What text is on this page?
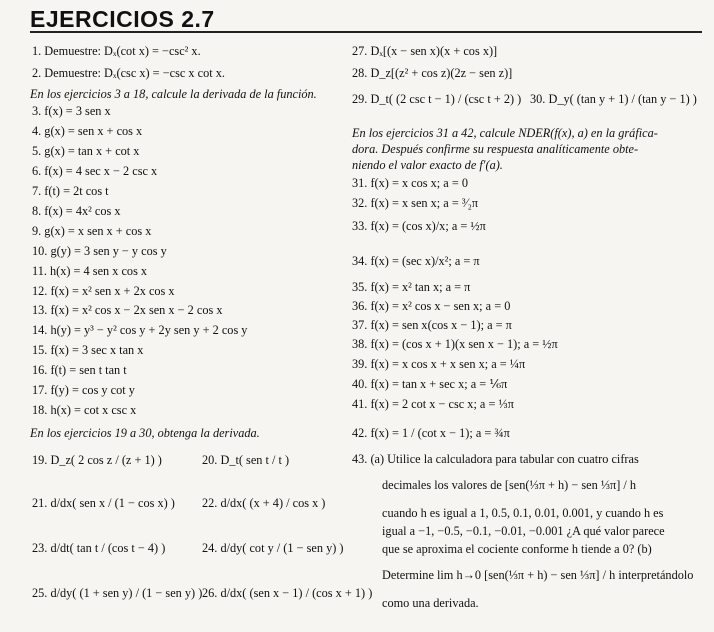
EJERCICIOS 2.7
1. Demuestre: Dₓ(cot x) = −csc² x.
2. Demuestre: Dₓ(csc x) = −csc x cot x.
En los ejercicios 3 a 18, calcule la derivada de la función.
3. f(x) = 3 sen x
4. g(x) = sen x + cos x
5. g(x) = tan x + cot x
6. f(x) = 4 sec x − 2 csc x
7. f(t) = 2t cos t
8. f(x) = 4x² cos x
9. g(x) = x sen x + cos x
10. g(y) = 3 sen y − y cos y
11. h(x) = 4 sen x cos x
12. f(x) = x² sen x + 2x cos x
13. f(x) = x² cos x − 2x sen x − 2 cos x
14. h(y) = y³ − y² cos y + 2y sen y + 2 cos y
15. f(x) = 3 sec x tan x
16. f(t) = sen t tan t
17. f(y) = cos y cot y
18. h(x) = cot x csc x
En los ejercicios 19 a 30, obtenga la derivada.
19. D_z( 2 cos z / (z + 1) )	20. D_t( sen t / t )
21. d/dx( sen x / (1 − cos x) ) 22. d/dx( (x + 4) / cos x )
23. d/dt( tan t / (cos t − 4) )	24. d/dy( cot y / (1 − sen y) )
25. d/dy( (1 + sen y) / (1 − sen y) ) 26. d/dx( (sen x − 1) / (cos x + 1) )
27. Dₓ[(x − sen x)(x + cos x)]
28. D_z[(z² + cos z)(2z − sen z)]
29. D_t( (2 csc t − 1) / (csc t + 2) ) 30. D_y( (tan y + 1) / (tan y − 1) )
En los ejercicios 31 a 42, calcule NDER(f(x), a) en la gráfica-
dora. Después confirme su respuesta analíticamente obte-
niendo el valor exacto de f′(a).
31. f(x) = x cos x; a = 0
32. f(x) = x sen x; a = ³⁄₂π
33. f(x) = (cos x)/x; a = ½π
34. f(x) = (sec x)/x²; a = π
35. f(x) = x² tan x; a = π
36. f(x) = x² cos x − sen x; a = 0
37. f(x) = sen x(cos x − 1); a = π
38. f(x) = (cos x + 1)(x sen x − 1); a = ½π
39. f(x) = x cos x + x sen x; a = ¼π
40. f(x) = tan x + sec x; a = ⅙π
41. f(x) = 2 cot x − csc x; a = ⅓π
42. f(x) = 1 / (cot x − 1); a = ¾π
43. (a) Utilice la calculadora para tabular con cuatro cifras
decimales los valores de [sen(⅓π + h) − sen ⅓π] / h
cuando h es igual a 1, 0.5, 0.1, 0.01, 0.001, y cuando h es
igual a −1, −0.5, −0.1, −0.01, −0.001 ¿A qué valor parece
que se aproxima el cociente conforme h tiende a 0? (b)
Determine lim h→0 [sen(⅓π + h) − sen ⅓π] / h interpretándolo
como una derivada.
